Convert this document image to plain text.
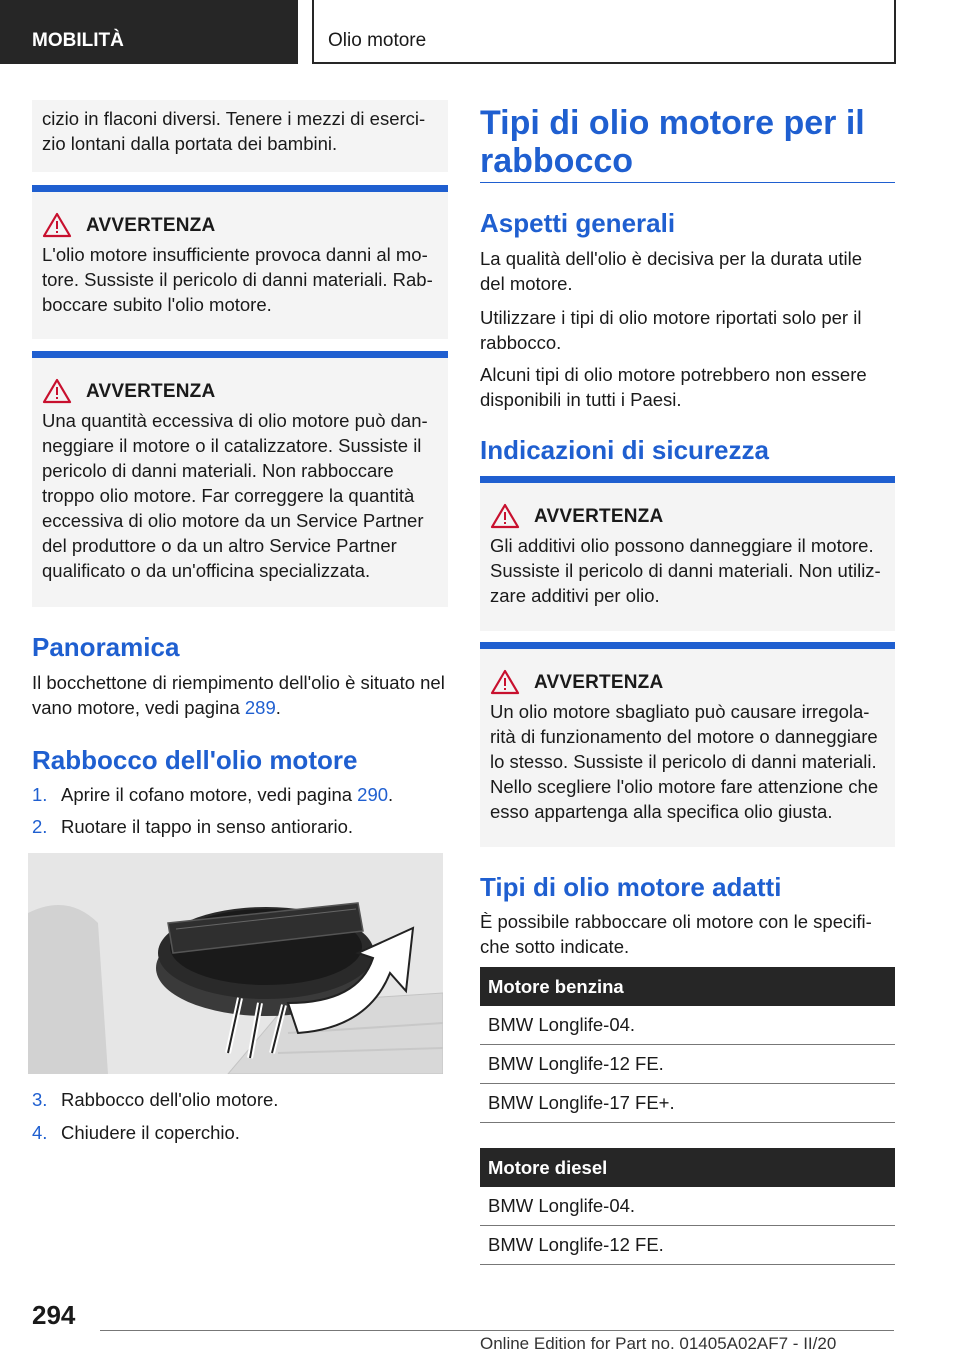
MOBILITÀ	Olio motore
cizio in flaconi diversi. Tenere i mezzi di eserci-zio lontani dalla portata dei bambini.
AVVERTENZA
L'olio motore insufficiente provoca danni al mo-tore. Sussiste il pericolo di danni materiali. Rab-boccare subito l'olio motore.
AVVERTENZA
Una quantità eccessiva di olio motore può dan-neggiare il motore o il catalizzatore. Sussiste il pericolo di danni materiali. Non rabboccare troppo olio motore. Far correggere la quantità eccessiva di olio motore da un Service Partner del produttore o da un altro Service Partner qualificato o da un'officina specializzata.
Panoramica

Il bocchettone di riempimento dell'olio è situato nel vano motore, vedi pagina 289.

Rabbocco dell'olio motore
1. Aprire il cofano motore, vedi pagina 290.
2. Ruotare il tappo in senso antiorario.
3. Rabbocco dell'olio motore.
4. Chiudere il coperchio.
Tipi di olio motore per il rabbocco
Aspetti generali

La qualità dell'olio è decisiva per la durata utile del motore.

Utilizzare i tipi di olio motore riportati solo per il rabbocco.

Alcuni tipi di olio motore potrebbero non essere disponibili in tutti i Paesi.

Indicazioni di sicurezza
AVVERTENZA
Gli additivi olio possono danneggiare il motore. Sussiste il pericolo di danni materiali. Non utiliz-zare additivi per olio.
AVVERTENZA
Un olio motore sbagliato può causare irregola-rità di funzionamento del motore o danneggiare lo stesso. Sussiste il pericolo di danni materiali. Nello scegliere l'olio motore fare attenzione che esso appartenga alla specifica olio giusta.
Tipi di olio motore adatti

È possibile rabboccare oli motore con le specifi-che sotto indicate.

Motore benzina
BMW Longlife-04.
BMW Longlife-12 FE.
BMW Longlife-17 FE+.
Motore diesel
BMW Longlife-04.
BMW Longlife-12 FE.
294
Online Edition for Part no. 01405A02AF7 - II/20
